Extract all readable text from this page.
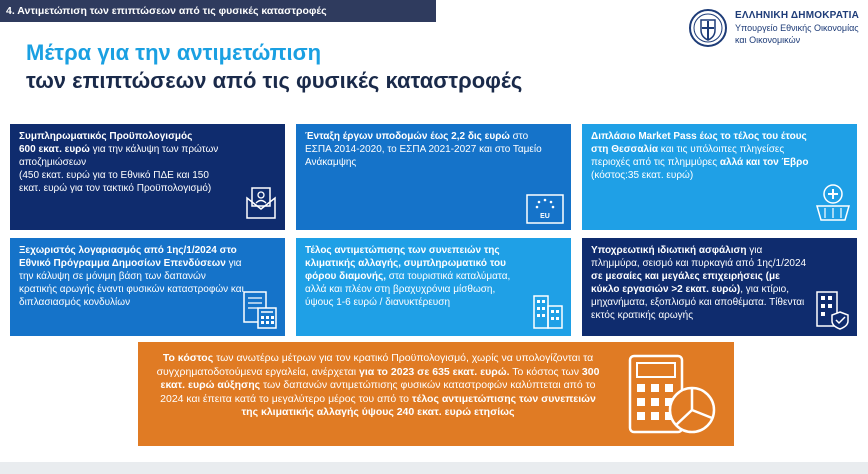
4. Αντιμετώπιση των επιπτώσεων από τις φυσικές καταστροφές	ΕΛΛΗΝΙΚΗ ΔΗΜΟΚΡΑΤΙΑ
Υπουργείο Εθνικής Οικονομίας
και Οικονομικών
Μέτρα για την αντιμετώπιση
των επιπτώσεων από τις φυσικές καταστροφές
Συμπληρωματικός Προϋπολογισμός
600 εκατ. ευρώ για την κάλυψη των πρώτων αποζημιώσεων
(450 εκατ. ευρώ για το Εθνικό ΠΔΕ και 150 εκατ. ευρώ για τον τακτικό Προϋπολογισμό)
Ένταξη έργων υποδομών έως 2,2 δις ευρώ στο ΕΣΠΑ 2014-2020, το ΕΣΠΑ 2021-2027 και στο Ταμείο Ανάκαμψης
EU
Διπλάσιο Market Pass έως το τέλος του έτους στη Θεσσαλία και τις υπόλοιπες πληγείσες περιοχές από τις πλημμύρες αλλά και τον Έβρο
(κόστος:35 εκατ. ευρώ)
Ξεχωριστός λογαριασμός από 1ης/1/2024 στο Εθνικό Πρόγραμμα Δημοσίων Επενδύσεων για την κάλυψη σε μόνιμη βάση των δαπανών κρατικής αρωγής έναντι φυσικών καταστροφών και διπλασιασμός κονδυλίων
Τέλος αντιμετώπισης των συνεπειών της κλιματικής αλλαγής, συμπληρωματικό του φόρου διαμονής, στα τουριστικά καταλύματα, αλλά και πλέον στη βραχυχρόνια μίσθωση, ύψους 1-6 ευρώ / διανυκτέρευση
Υποχρεωτική ιδιωτική ασφάλιση για πλημμύρα, σεισμό και πυρκαγιά από 1ης/1/2024 σε μεσαίες και μεγάλες επιχειρήσεις (με κύκλο εργασιών >2 εκατ. ευρώ), για κτίριο, μηχανήματα, εξοπλισμό και αποθέματα. Τίθενται εκτός κρατικής αρωγής
Το κόστος των ανωτέρω μέτρων για τον κρατικό Προϋπολογισμό, χωρίς να υπολογίζονται τα συγχρηματοδοτούμενα εργαλεία, ανέρχεται για το 2023 σε 635 εκατ. ευρώ. Το κόστος των 300 εκατ. ευρώ αύξησης των δαπανών αντιμετώπισης φυσικών καταστροφών καλύπτεται από το 2024 και έπειτα κατά το μεγαλύτερο μέρος του από το τέλος αντιμετώπισης των συνεπειών της κλιματικής αλλαγής ύψους 240 εκατ. ευρώ ετησίως
